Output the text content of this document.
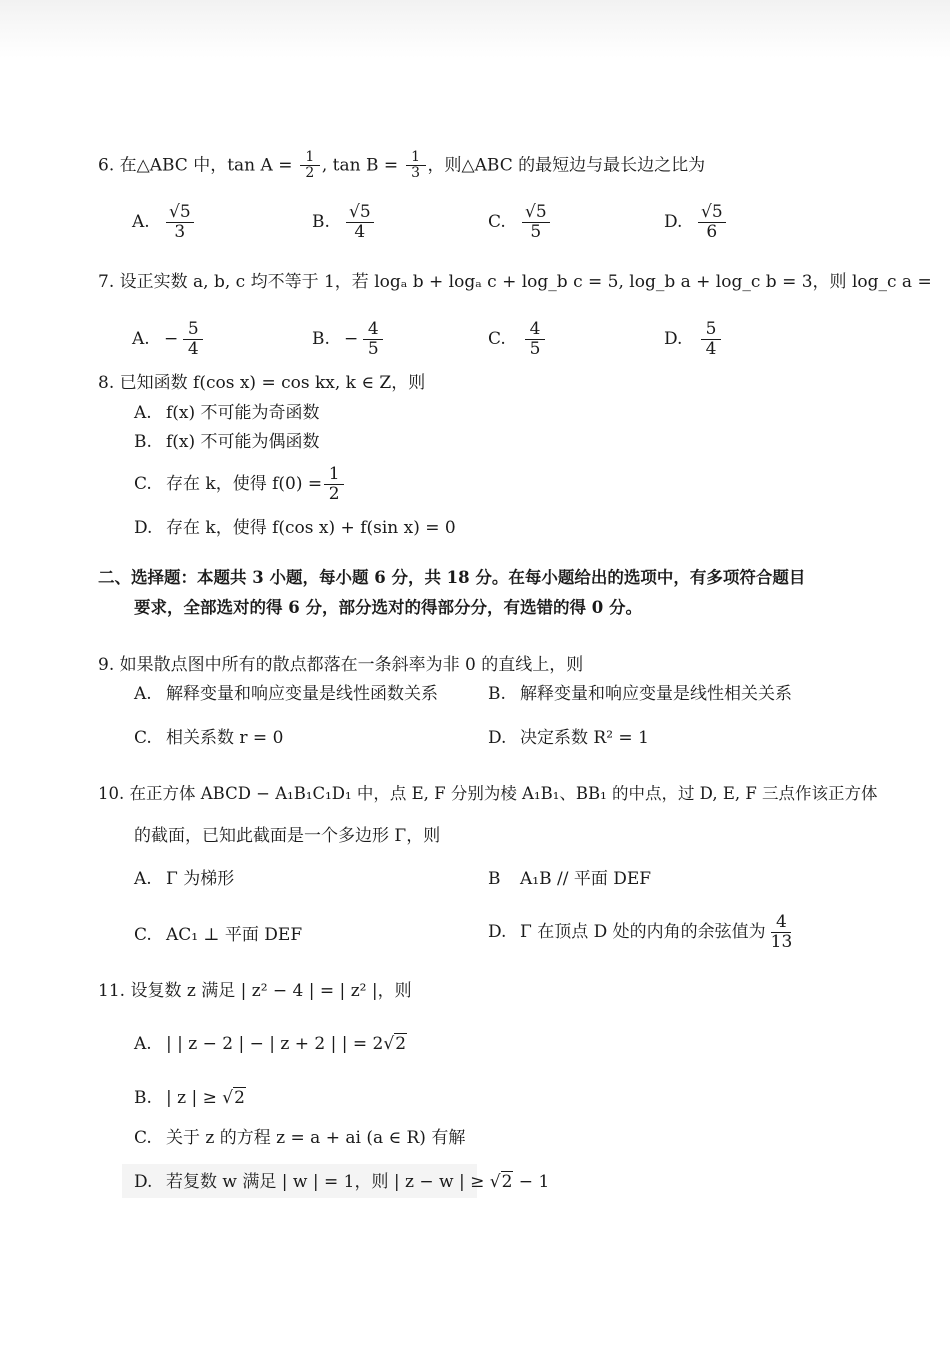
6. 在△ABC 中，$\tan A = \frac{1}{2}$ , $\tan B = \frac{1}{3}$ ，则△ABC 的最短边与最长边之比为
A. $\frac{√5}{3}$	B. $\frac{√5}{4}$	C. $\frac{√5}{5}$	D. $\frac{√5}{6}$
7. 设正实数 a, b, c 均不等于 1，若 logₐ b + logₐ c + log_b c = 5, log_b a + log_c b = 3，则 log_c a =
A. − $\frac{5}{4}$	B. − $\frac{4}{5}$	C.	$\frac{4}{5}$	D.	$\frac{5}{4}$
8. 已知函数 f(cos x) = cos kx, k ∈ Z，则
A. f(x) 不可能为奇函数
B. f(x) 不可能为偶函数
C. 存在 k，使得 $f(0) = \frac{1}{2}$
D. 存在 k，使得 f(cos x) + f(sin x) = 0
二、选择题：本题共 3 小题，每小题 6 分，共 18 分。在每小题给出的选项中，有多项符合题目
要求，全部选对的得 6 分，部分选对的得部分分，有选错的得 0 分。
9. 如果散点图中所有的散点都落在一条斜率为非 0 的直线上，则
A. 解释变量和响应变量是线性函数关系	B. 解释变量和响应变量是线性相关关系
C. 相关系数 r = 0	D. 决定系数 R² = 1
10. 在正方体 ABCD − A₁B₁C₁D₁ 中，点 E, F 分别为棱 A₁B₁、BB₁ 的中点，过 D, E, F 三点作该正方体
的截面，已知此截面是一个多边形 Γ，则
A. Γ 为梯形	B A₁B // 平面 DEF
C. AC₁ ⊥ 平面 DEF	D. Γ 在顶点 D 处的内角的余弦值为 $\frac{4}{13}$
11. 设复数 z 满足 | z² − 4 | = | z² |，则
A. | | z − 2 | − | z + 2 | | = 2√2
B. | z | ≥ √2
C. 关于 z 的方程 z = a + ai (a ∈ R) 有解
D. 若复数 w 满足 | w | = 1，则 | z − w | ≥ √2 − 1
